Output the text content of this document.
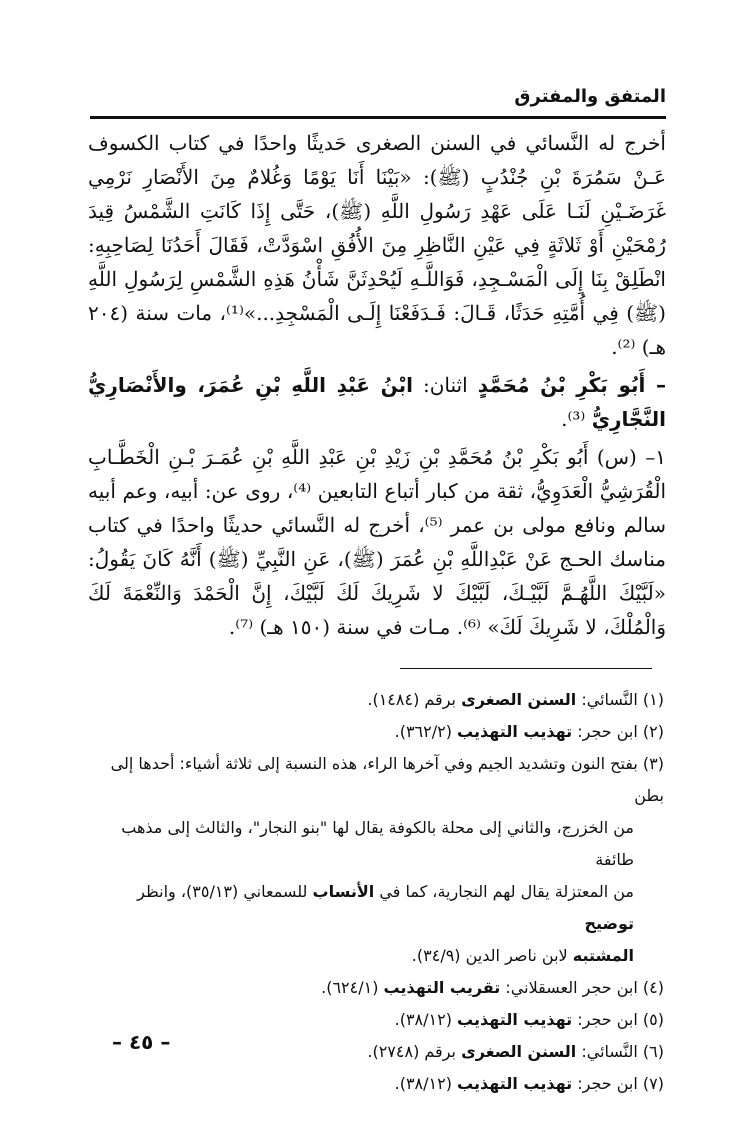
المتفق والمفترق

أخرج له النَّسائي في السنن الصغرى حَديثًا واحدًا في كتاب الكسوف عَـنْ سَمُرَةَ بْنِ جُنْدُبٍ (ﷺ): «بَيْنَا أَنَا يَوْمًا وَغُلامٌ مِنَ الأَنْصَارِ نَرْمِي غَرَضَـيْنِ لَنَـا عَلَى عَهْدِ رَسُولِ اللَّهِ (ﷺ)، حَتَّى إِذَا كَانَتِ الشَّمْسُ قِيدَ رُمْحَيْنِ أَوْ ثَلاثَةٍ فِي عَيْنِ النَّاظِرِ مِنَ الأُفُقِ اسْوَدَّتْ، فَقَالَ أَحَدُنَا لِصَاحِبِهِ: انْطَلِقْ بِنَا إِلَى الْمَسْـجِدِ، فَوَاللَّـهِ لَيُحْدِثَنَّ شَأْنُ هَذِهِ الشَّمْسِ لِرَسُولِ اللَّهِ (ﷺ) فِي أُمَّتِهِ حَدَثًا، قَـالَ: فَـدَفَعْنَا إِلَـى الْمَسْجِدِ...»⁽¹⁾، مات سنة (٢٠٤ هـ) ⁽²⁾.

– أَبُو بَكْرِ بْنُ مُحَمَّدٍ اثنان: ابْنُ عَبْدِ اللَّهِ بْنِ عُمَرَ، والأَنْصَارِيُّ النَّجَّارِيُّ ⁽³⁾.

١– (س) أَبُو بَكْرِ بْنُ مُحَمَّدِ بْنِ زَيْدِ بْنِ عَبْدِ اللَّهِ بْنِ عُمَـرَ بْـنِ الْخَطَّـابِ الْقُرَشِيُّ الْعَدَوِيُّ، ثقة من كبار أتباع التابعين ⁽⁴⁾، روى عن: أبيه، وعم أبيه سالم ونافع مولى بن عمر ⁽⁵⁾، أخرج له النَّسائي حديثًا واحدًا في كتاب مناسك الحـج عَنْ عَبْدِاللَّهِ بْنِ عُمَرَ (ﷺ)، عَنِ النَّبِيِّ (ﷺ) أَنَّهُ كَانَ يَقُولُ: «لَبَّيْكَ اللَّهُـمَّ لَبَّيْـكَ، لَبَّيْكَ لا شَرِيكَ لَكَ لَبَّيْكَ، إِنَّ الْحَمْدَ وَالنِّعْمَةَ لَكَ وَالْمُلْكَ، لا شَرِيكَ لَكَ» ⁽⁶⁾. مـات في سنة (١٥٠ هـ) ⁽⁷⁾.

(١) النَّسائي: السنن الصغرى برقم (١٤٨٤).

(٢) ابن حجر: تهذيب التهذيب (٣٦٢/٢).

(٣) بفتح النون وتشديد الجيم وفي آخرها الراء، هذه النسبة إلى ثلاثة أشياء: أحدها إلى بطن
من الخزرج، والثاني إلى محلة بالكوفة يقال لها "بنو النجار"، والثالث إلى مذهب طائفة
من المعتزلة يقال لهم النجارية، كما في الأنساب للسمعاني (٣٥/١٣)، وانظر توضيح
المشتبه لابن ناصر الدين (٣٤/٩).

(٤) ابن حجر العسقلاني: تقريب التهذيب (٦٢٤/١).

(٥) ابن حجر: تهذيب التهذيب (٣٨/١٢).

(٦) النَّسائي: السنن الصغرى برقم (٢٧٤٨).

(٧) ابن حجر: تهذيب التهذيب (٣٨/١٢).

– ٤٥ –
